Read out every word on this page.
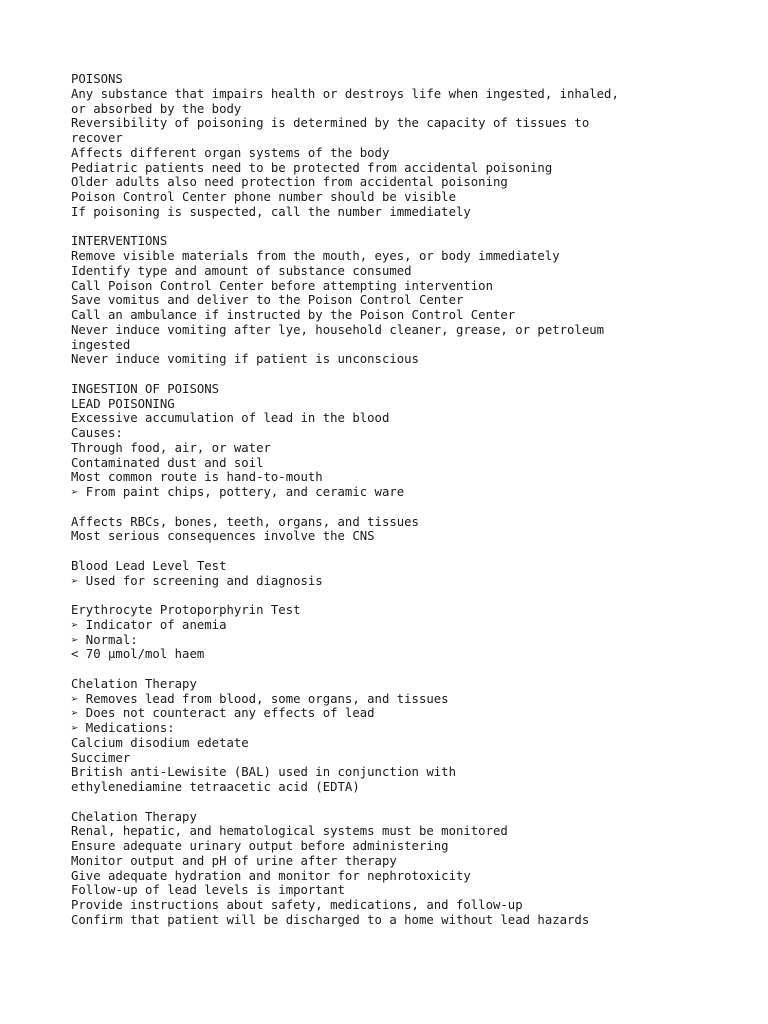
POISONS
Any substance that impairs health or destroys life when ingested, inhaled,
or absorbed by the body
Reversibility of poisoning is determined by the capacity of tissues to
recover
Affects different organ systems of the body
Pediatric patients need to be protected from accidental poisoning
Older adults also need protection from accidental poisoning
Poison Control Center phone number should be visible
If poisoning is suspected, call the number immediately
INTERVENTIONS
Remove visible materials from the mouth, eyes, or body immediately
Identify type and amount of substance consumed
Call Poison Control Center before attempting intervention
Save vomitus and deliver to the Poison Control Center
Call an ambulance if instructed by the Poison Control Center
Never induce vomiting after lye, household cleaner, grease, or petroleum
ingested
Never induce vomiting if patient is unconscious
INGESTION OF POISONS
LEAD POISONING
Excessive accumulation of lead in the blood
Causes:
Through food, air, or water
Contaminated dust and soil
Most common route is hand-to-mouth
➢ From paint chips, pottery, and ceramic ware
Affects RBCs, bones, teeth, organs, and tissues
Most serious consequences involve the CNS
Blood Lead Level Test
➢ Used for screening and diagnosis
Erythrocyte Protoporphyrin Test
➢ Indicator of anemia
➢ Normal:
< 70 µmol/mol haem
Chelation Therapy
➢ Removes lead from blood, some organs, and tissues
➢ Does not counteract any effects of lead
➢ Medications:
Calcium disodium edetate
Succimer
British anti-Lewisite (BAL) used in conjunction with
ethylenediamine tetraacetic acid (EDTA)
Chelation Therapy
Renal, hepatic, and hematological systems must be monitored
Ensure adequate urinary output before administering
Monitor output and pH of urine after therapy
Give adequate hydration and monitor for nephrotoxicity
Follow-up of lead levels is important
Provide instructions about safety, medications, and follow-up
Confirm that patient will be discharged to a home without lead hazards
